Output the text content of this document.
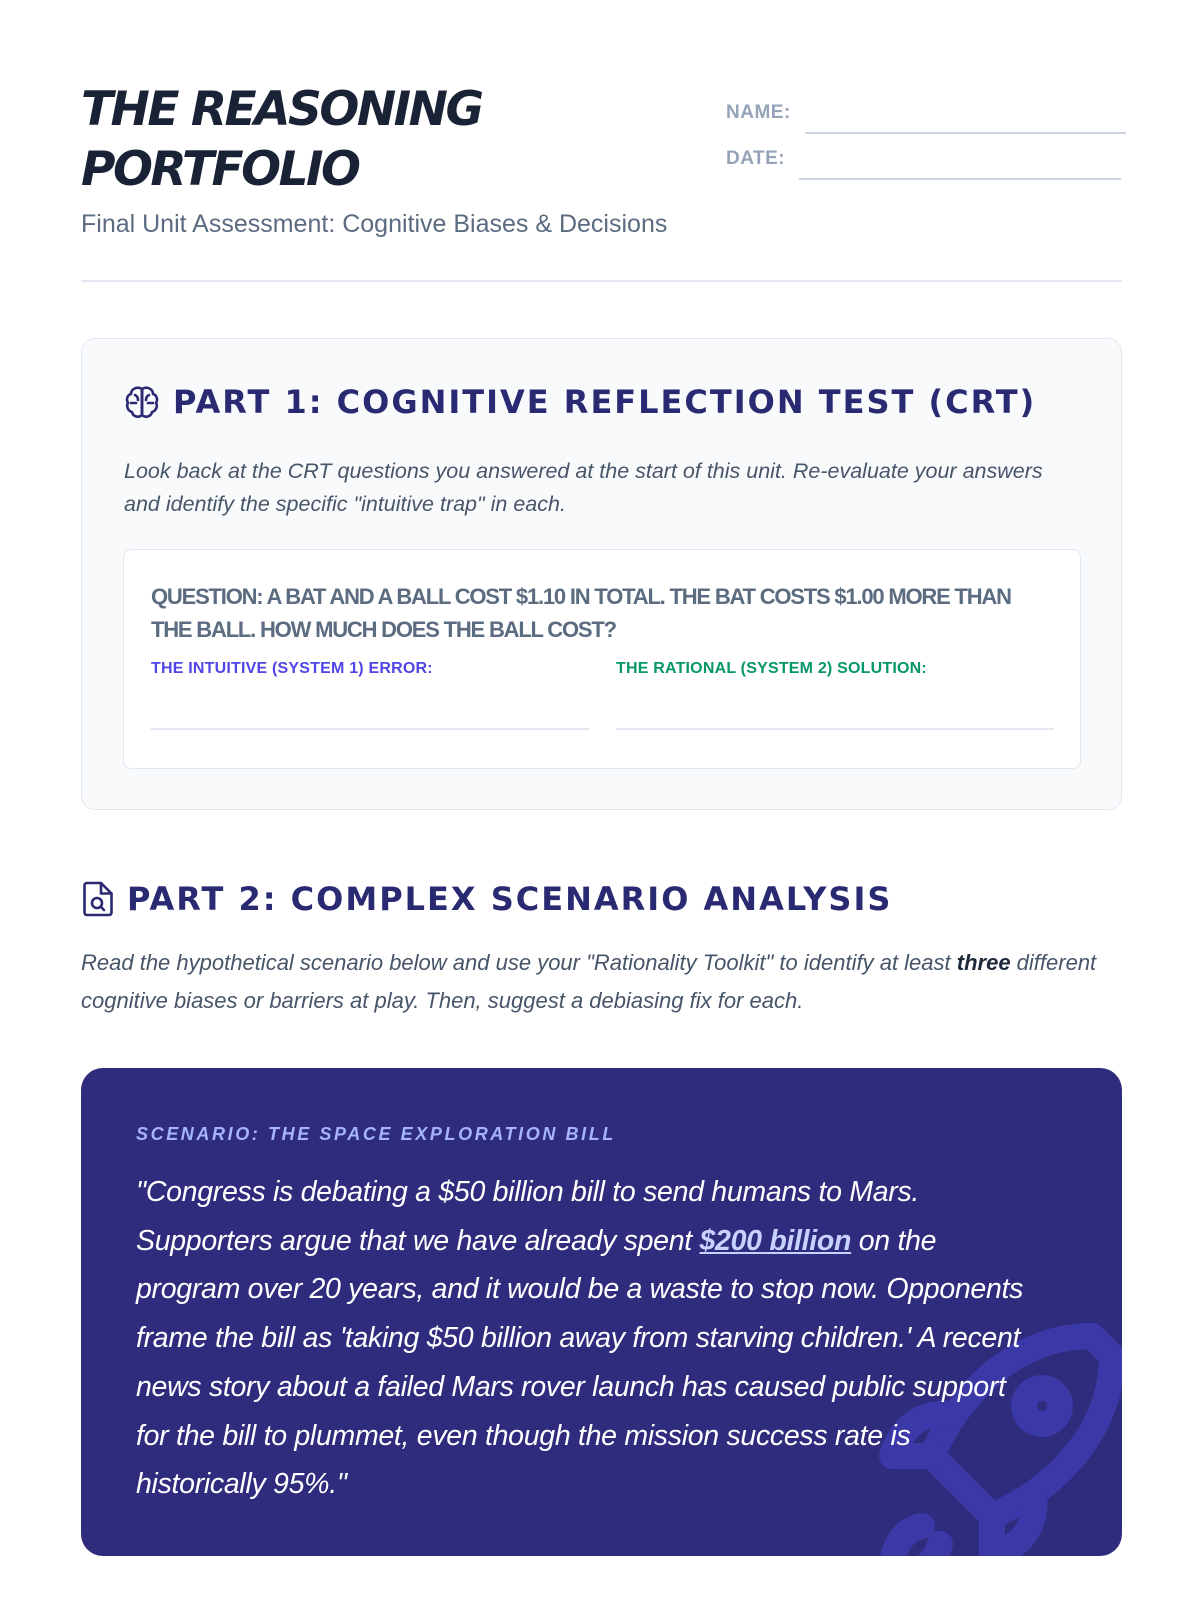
THE REASONING PORTFOLIO
Final Unit Assessment: Cognitive Biases & Decisions
NAME:
DATE:
PART 1: COGNITIVE REFLECTION TEST (CRT)

Look back at the CRT questions you answered at the start of this unit. Re-evaluate your answers and identify the specific "intuitive trap" in each.

QUESTION: A BAT AND A BALL COST $1.10 IN TOTAL. THE BAT COSTS $1.00 MORE THAN THE BALL. HOW MUCH DOES THE BALL COST?
THE INTUITIVE (SYSTEM 1) ERROR:	THE RATIONAL (SYSTEM 2) SOLUTION:
PART 2: COMPLEX SCENARIO ANALYSIS

Read the hypothetical scenario below and use your "Rationality Toolkit" to identify at least three different cognitive biases or barriers at play. Then, suggest a debiasing fix for each.

SCENARIO: THE SPACE EXPLORATION BILL

"Congress is debating a $50 billion bill to send humans to Mars. Supporters argue that we have already spent $200 billion on the program over 20 years, and it would be a waste to stop now. Opponents frame the bill as 'taking $50 billion away from starving children.' A recent news story about a failed Mars rover launch has caused public support for the bill to plummet, even though the mission success rate is historically 95%."
